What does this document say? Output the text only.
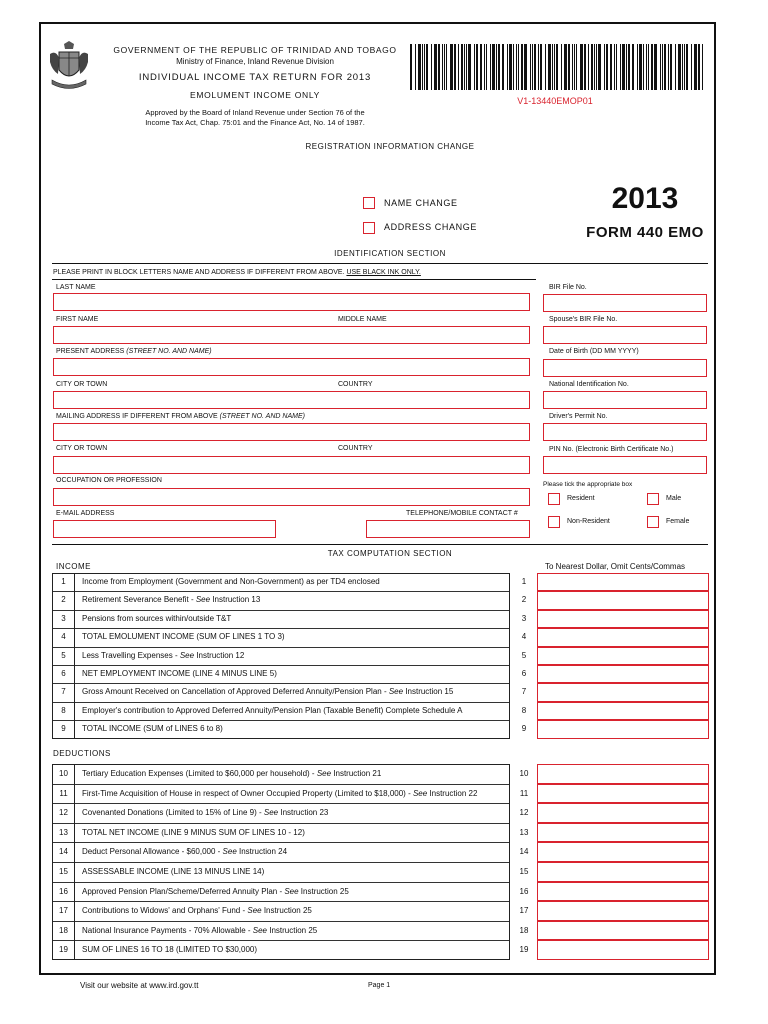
GOVERNMENT OF THE REPUBLIC OF TRINIDAD AND TOBAGO
Ministry of Finance, Inland Revenue Division
INDIVIDUAL INCOME TAX RETURN FOR 2013
EMOLUMENT INCOME ONLY
Approved by the Board of Inland Revenue under Section 76 of the
Income Tax Act, Chap. 75:01 and the Finance Act, No. 14 of 1987.
V1-13440EMOP01
REGISTRATION INFORMATION CHANGE
NAME CHANGE
ADDRESS CHANGE
2013
FORM 440 EMO
IDENTIFICATION SECTION
PLEASE PRINT IN BLOCK LETTERS NAME AND ADDRESS IF DIFFERENT FROM ABOVE. USE BLACK INK ONLY.
LAST NAME
FIRST NAME	MIDDLE NAME
PRESENT ADDRESS (STREET NO. AND NAME)
CITY OR TOWN	COUNTRY
MAILING ADDRESS IF DIFFERENT FROM ABOVE (STREET NO. AND NAME)
CITY OR TOWN	COUNTRY
OCCUPATION OR PROFESSION
E-MAIL ADDRESS	TELEPHONE/MOBILE CONTACT #
BIR File No.
Spouse's BIR File No.
Date of Birth (DD MM YYYY)
National Identification No.
Driver's Permit No.
PIN No. (Electronic Birth Certificate No.)
Please tick the appropriate box
Resident	Male
Non-Resident	Female
TAX COMPUTATION SECTION
INCOME	To Nearest Dollar, Omit Cents/Commas
1	Income from Employment (Government and Non-Government) as per TD4 enclosed	1
2	Retirement Severance Benefit - See Instruction 13	2
3	Pensions from sources within/outside T&T	3
4	TOTAL EMOLUMENT INCOME (SUM OF LINES 1 TO 3)	4
5	Less Travelling Expenses - See Instruction 12	5
6	NET EMPLOYMENT INCOME (LINE 4 MINUS LINE 5)	6
7	Gross Amount Received on Cancellation of Approved Deferred Annuity/Pension Plan - See Instruction 15	7
8	Employer's contribution to Approved Deferred Annuity/Pension Plan (Taxable Benefit) Complete Schedule A	8
9	TOTAL INCOME (SUM of LINES 6 to 8)	9
DEDUCTIONS
10	Tertiary Education Expenses (Limited to $60,000 per household) - See Instruction 21	10
11	First-Time Acquisition of House in respect of Owner Occupied Property (Limited to $18,000) - See Instruction 22	11
12	Covenanted Donations (Limited to 15% of Line 9) - See Instruction 23	12
13	TOTAL NET INCOME (LINE 9 MINUS SUM OF LINES 10 - 12)	13
14	Deduct Personal Allowance - $60,000 - See Instruction 24	14
15	ASSESSABLE INCOME (LINE 13 MINUS LINE 14)	15
16	Approved Pension Plan/Scheme/Deferred Annuity Plan - See Instruction 25	16
17	Contributions to Widows' and Orphans' Fund - See Instruction 25	17
18	National Insurance Payments - 70% Allowable - See Instruction 25	18
19	SUM OF LINES 16 TO 18 (LIMITED TO $30,000)	19
Visit our website at www.ird.gov.tt	Page 1
